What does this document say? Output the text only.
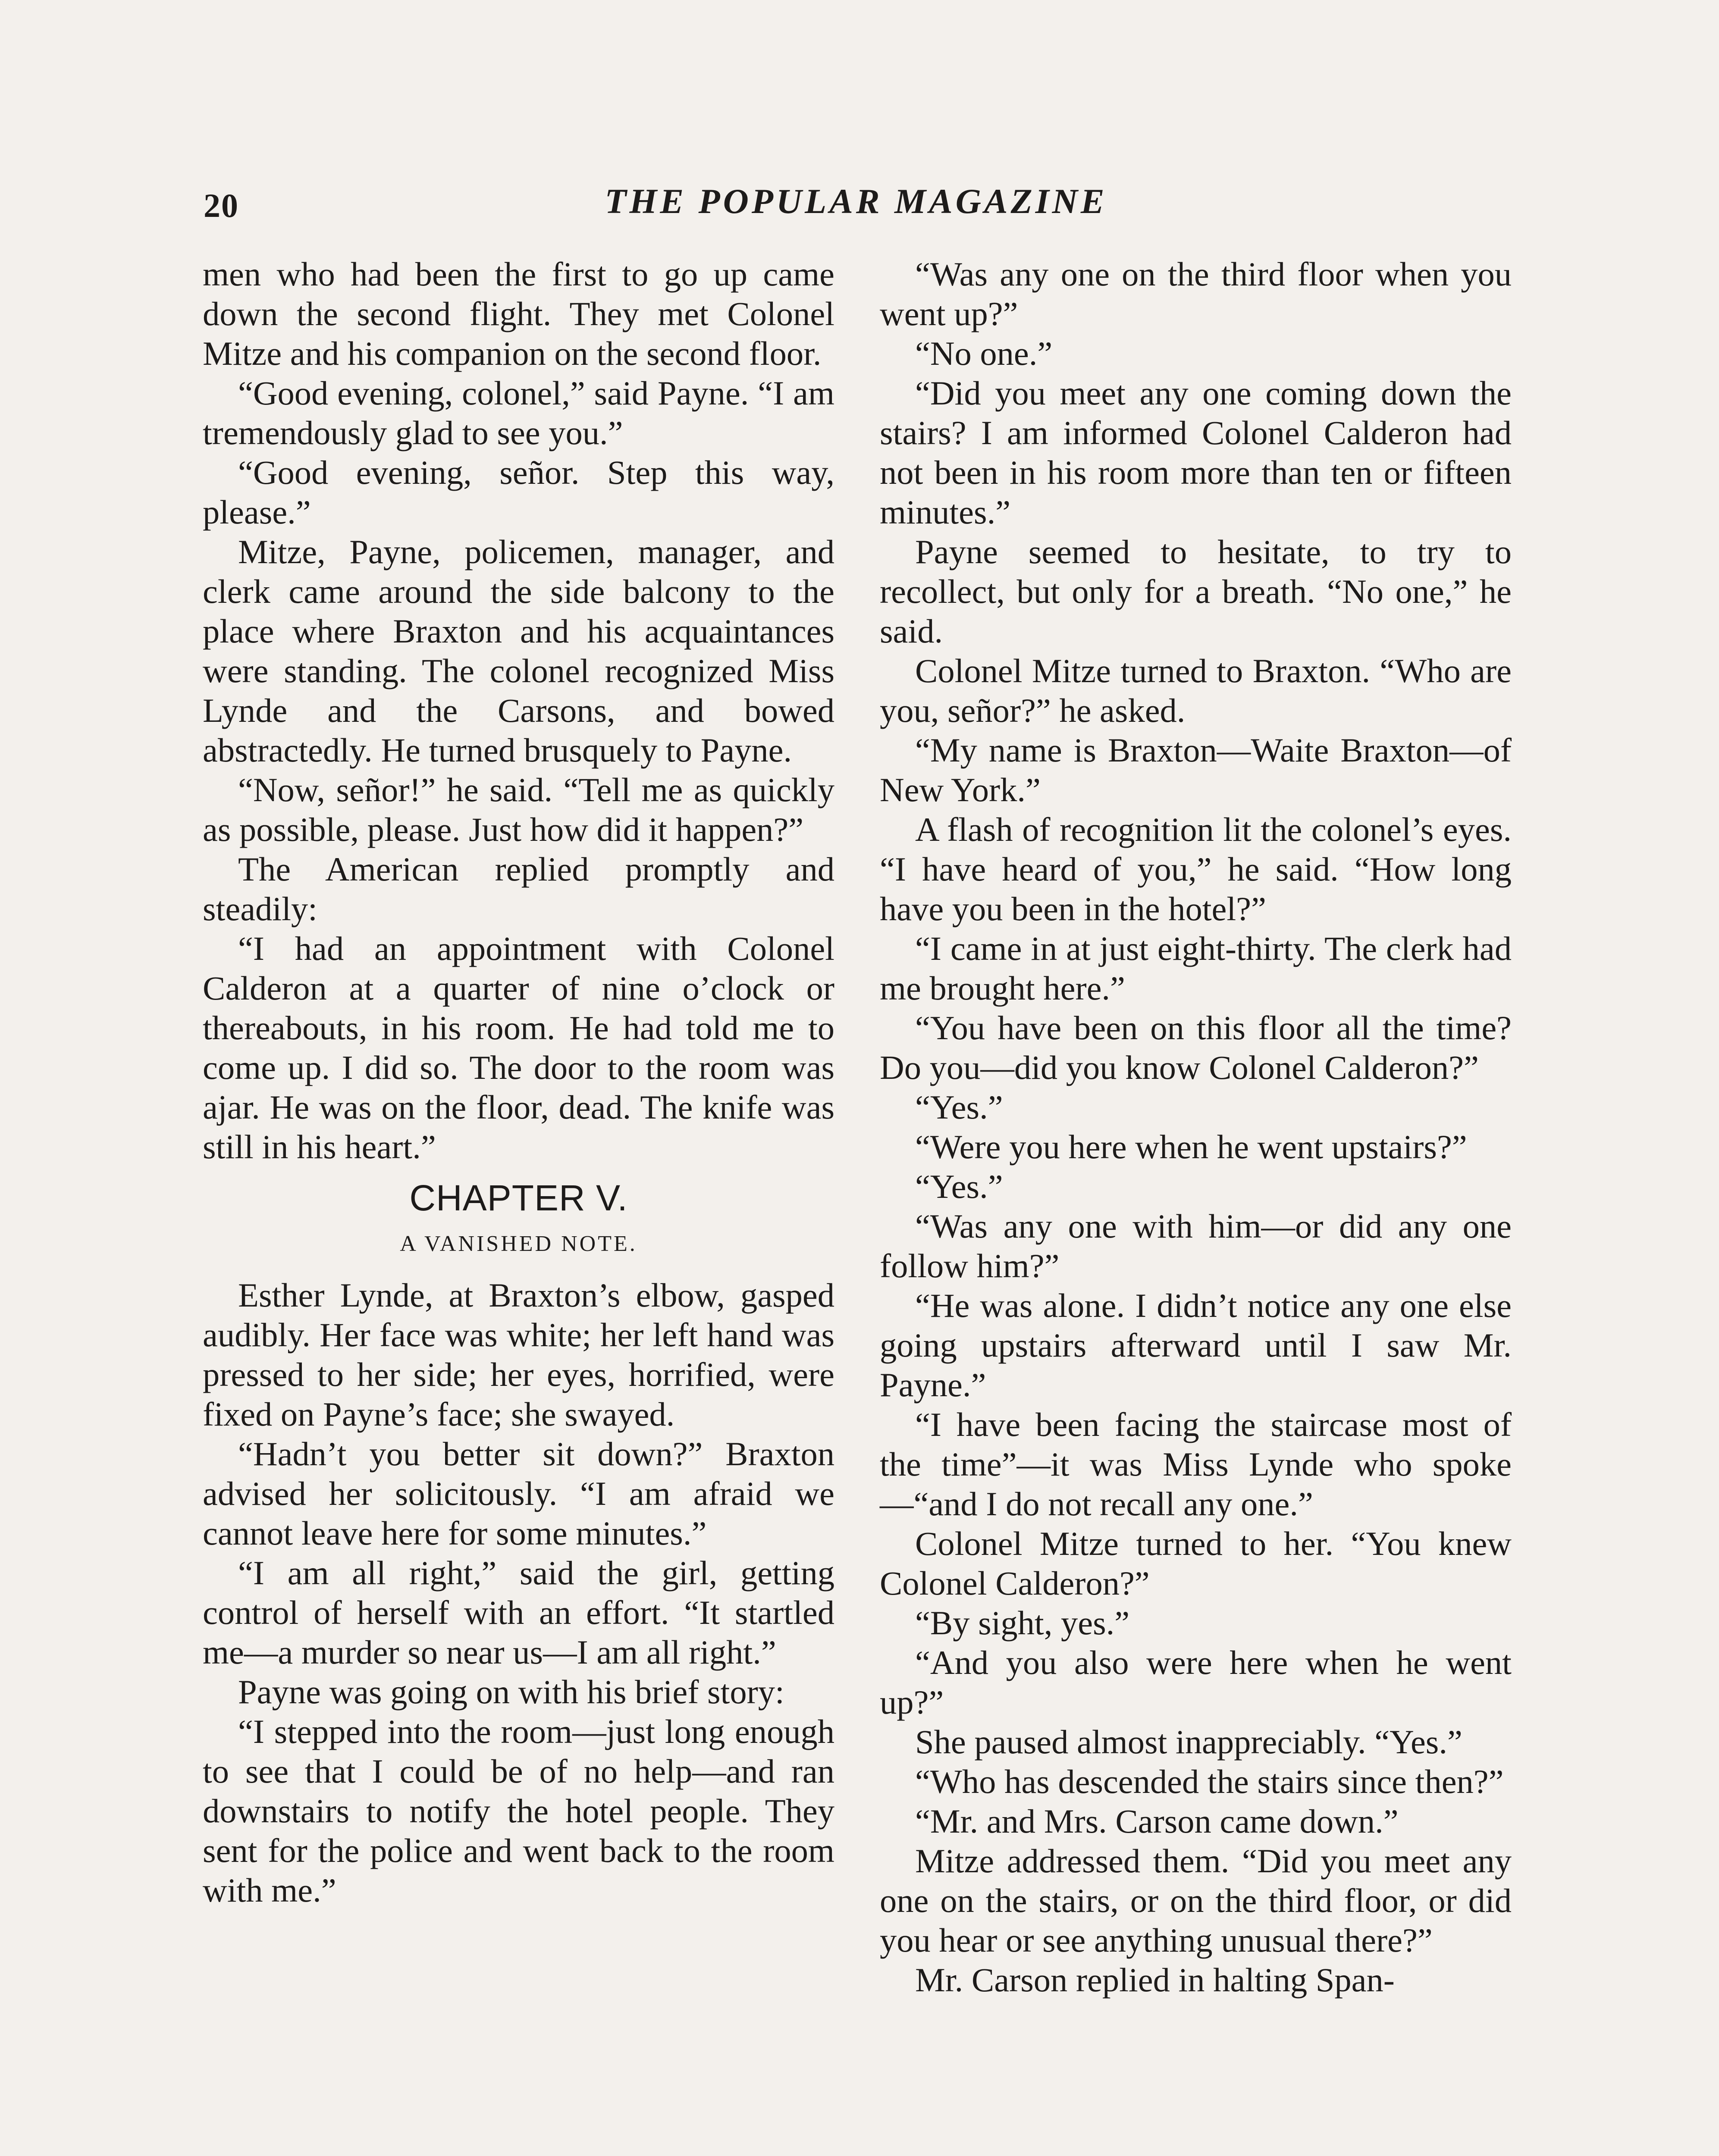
20	THE POPULAR MAGAZINE

men who had been the first to go up came down the second flight. They met Colonel Mitze and his companion on the second floor.

“Good evening, colonel,” said Payne. “I am tremendously glad to see you.”

“Good evening, señor. Step this way, please.”

Mitze, Payne, policemen, manager, and clerk came around the side balcony to the place where Braxton and his acquaintances were standing. The colonel recognized Miss Lynde and the Carsons, and bowed abstractedly. He turned brusquely to Payne.

“Now, señor!” he said. “Tell me as quickly as possible, please. Just how did it happen?”

The American replied promptly and steadily:

“I had an appointment with Colonel Calderon at a quarter of nine o’clock or thereabouts, in his room. He had told me to come up. I did so. The door to the room was ajar. He was on the floor, dead. The knife was still in his heart.”

CHAPTER V.
A VANISHED NOTE.

Esther Lynde, at Braxton’s elbow, gasped audibly. Her face was white; her left hand was pressed to her side; her eyes, horrified, were fixed on Payne’s face; she swayed.

“Hadn’t you better sit down?” Braxton advised her solicitously. “I am afraid we cannot leave here for some minutes.”

“I am all right,” said the girl, getting control of herself with an effort. “It startled me—a murder so near us—I am all right.”

Payne was going on with his brief story:

“I stepped into the room—just long enough to see that I could be of no help—and ran downstairs to notify the hotel people. They sent for the police and went back to the room with me.”

“Was any one on the third floor when you went up?”

“No one.”

“Did you meet any one coming down the stairs? I am informed Colonel Calderon had not been in his room more than ten or fifteen minutes.”

Payne seemed to hesitate, to try to recollect, but only for a breath. “No one,” he said.

Colonel Mitze turned to Braxton. “Who are you, señor?” he asked.

“My name is Braxton—Waite Braxton—of New York.”

A flash of recognition lit the colonel’s eyes. “I have heard of you,” he said. “How long have you been in the hotel?”

“I came in at just eight-thirty. The clerk had me brought here.”

“You have been on this floor all the time? Do you—did you know Colonel Calderon?”

“Yes.”

“Were you here when he went upstairs?”

“Yes.”

“Was any one with him—or did any one follow him?”

“He was alone. I didn’t notice any one else going upstairs afterward until I saw Mr. Payne.”

“I have been facing the staircase most of the time”—it was Miss Lynde who spoke—“and I do not recall any one.”

Colonel Mitze turned to her. “You knew Colonel Calderon?”

“By sight, yes.”

“And you also were here when he went up?”

She paused almost inappreciably. “Yes.”

“Who has descended the stairs since then?”

“Mr. and Mrs. Carson came down.”

Mitze addressed them. “Did you meet any one on the stairs, or on the third floor, or did you hear or see anything unusual there?”

Mr. Carson replied in halting Span-
